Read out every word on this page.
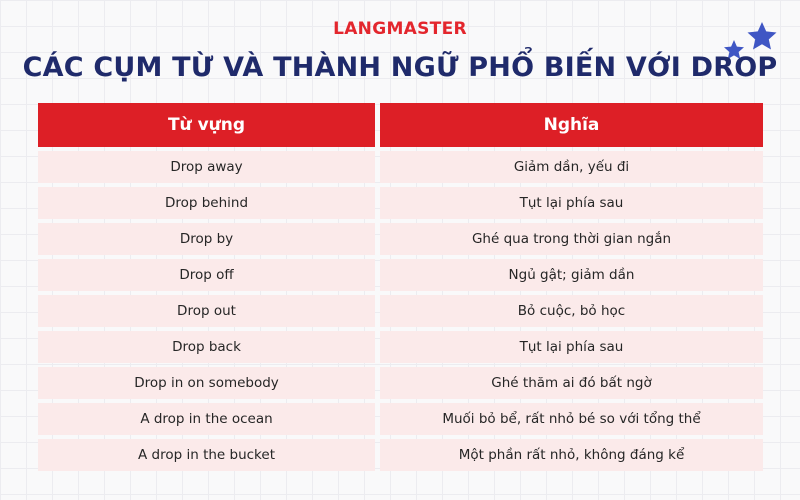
LANGMASTER
CÁC CỤM TỪ VÀ THÀNH NGỮ PHỔ BIẾN VỚI DROP
Từ vựng	Nghĩa
Drop away	Giảm dần, yếu đi
Drop behind	Tụt lại phía sau
Drop by	Ghé qua trong thời gian ngắn
Drop off	Ngủ gật; giảm dần
Drop out	Bỏ cuộc, bỏ học
Drop back	Tụt lại phía sau
Drop in on somebody	Ghé thăm ai đó bất ngờ
A drop in the ocean	Muối bỏ bể, rất nhỏ bé so với tổng thể
A drop in the bucket	Một phần rất nhỏ, không đáng kể
